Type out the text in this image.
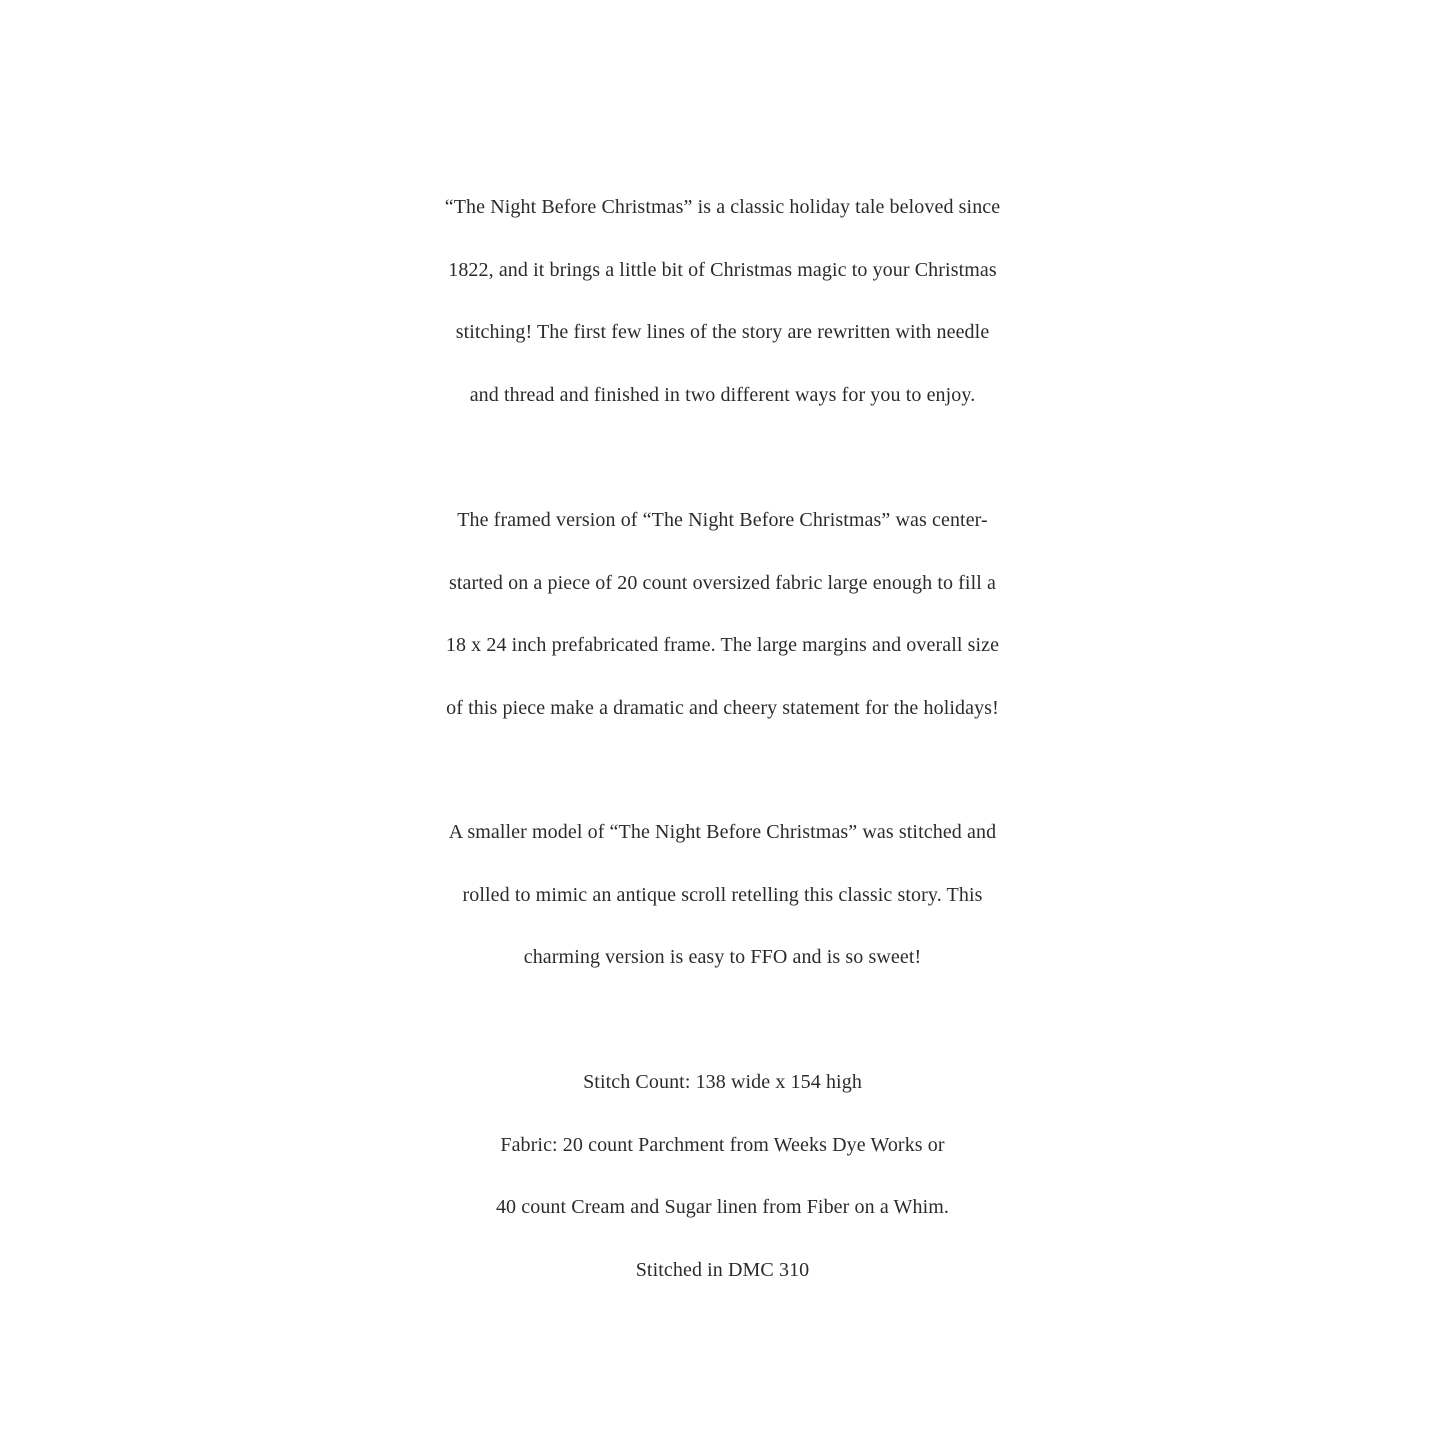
“The Night Before Christmas” is a classic holiday tale beloved since
1822, and it brings a little bit of Christmas magic to your Christmas
stitching! The first few lines of the story are rewritten with needle
and thread and finished in two different ways for you to enjoy.
The framed version of “The Night Before Christmas” was center-
started on a piece of 20 count oversized fabric large enough to fill a
18 x 24 inch prefabricated frame. The large margins and overall size
of this piece make a dramatic and cheery statement for the holidays!
A smaller model of “The Night Before Christmas” was stitched and
rolled to mimic an antique scroll retelling this classic story. This
charming version is easy to FFO and is so sweet!
Stitch Count: 138 wide x 154 high
Fabric: 20 count Parchment from Weeks Dye Works or
40 count Cream and Sugar linen from Fiber on a Whim.
Stitched in DMC 310
